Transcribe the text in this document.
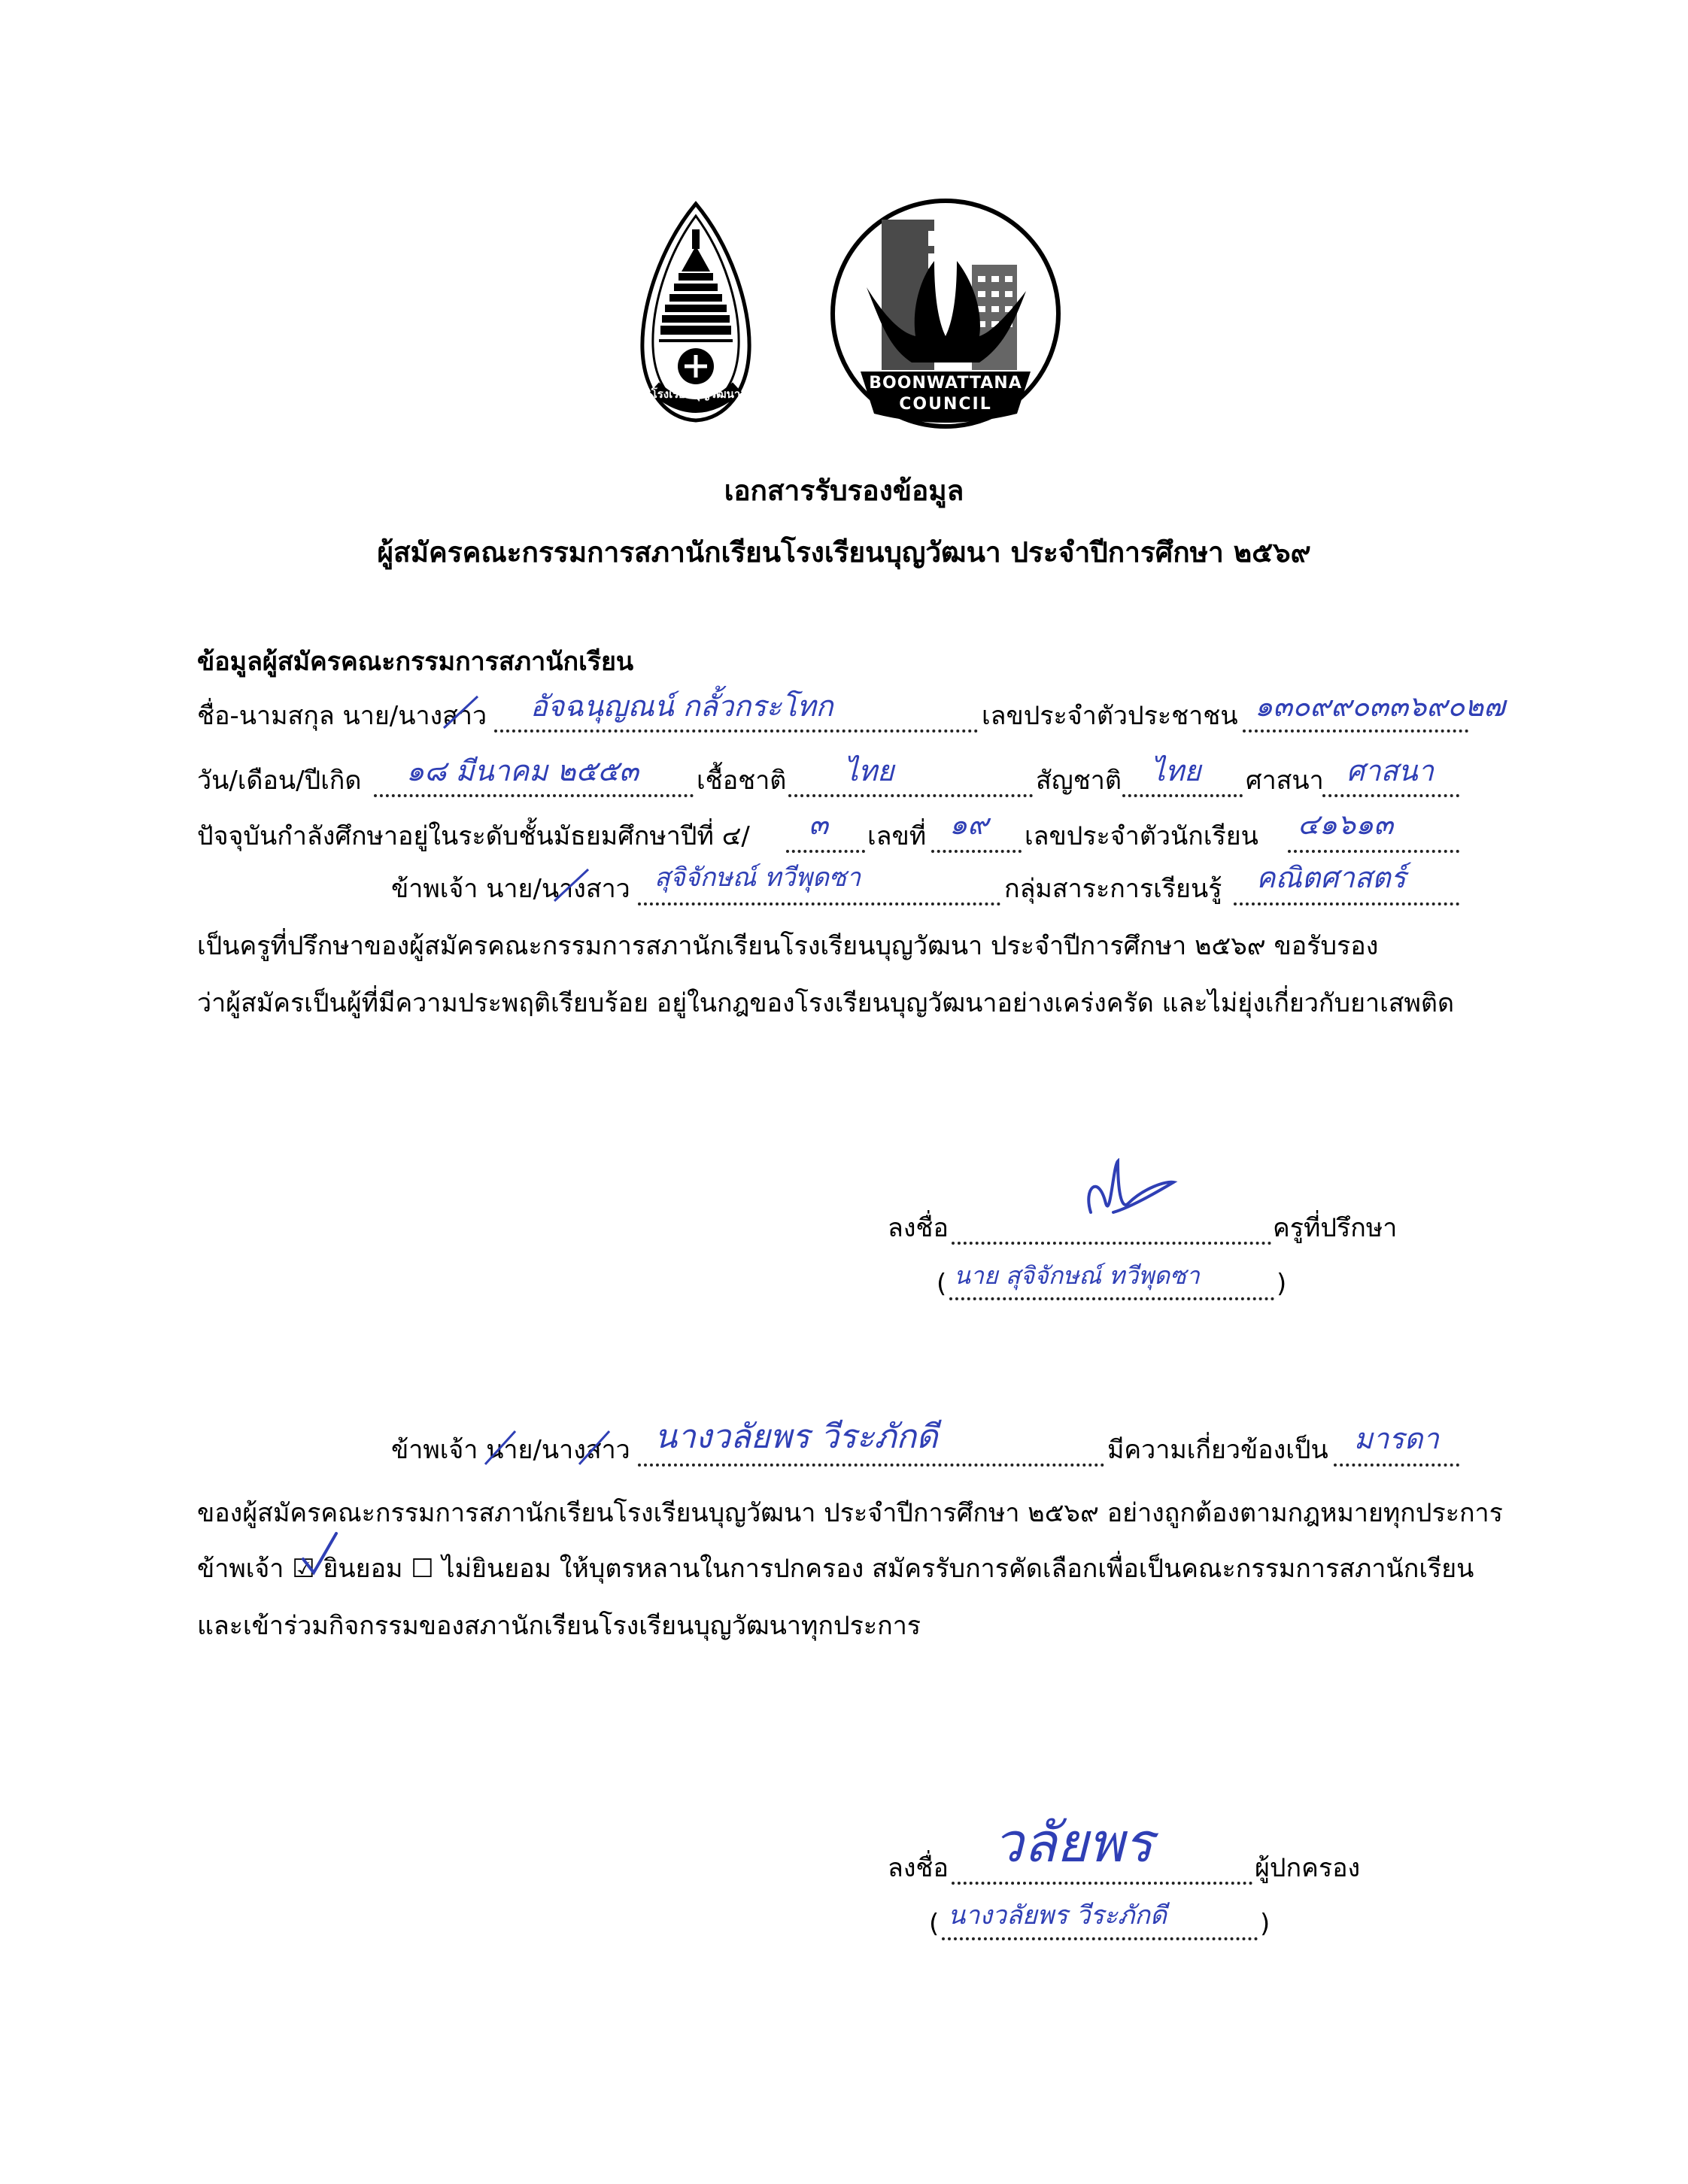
โรงเรียนบุญวัฒนา
BOONWATTANA
COUNCIL
เอกสารรับรองข้อมูล
ผู้สมัครคณะกรรมการสภานักเรียนโรงเรียนบุญวัฒนา ประจำปีการศึกษา ๒๕๖๙
ข้อมูลผู้สมัครคณะกรรมการสภานักเรียน
ชื่อ-นามสกุล นาย/นางสาว อัจฉนุญณน์ กลั้วกระโทก	เลขประจำตัวประชาชน ๑๓๐๙๙๐๓๓๖๙๐๒๗
วัน/เดือน/ปีเกิด ๑๘ มีนาคม ๒๕๕๓ เชื้อชาติ ไทย	สัญชาติ ไทย ศาสนา ศาสนา
ปัจจุบันกำลังศึกษาอยู่ในระดับชั้นมัธยมศึกษาปีที่ ๔/ ๓ เลขที่ ๑๙ เลขประจำตัวนักเรียน ๔๑๖๑๓
ข้าพเจ้า นาย/นางสาว สุจิจักษณ์ ทวีพุดซา	กลุ่มสาระการเรียนรู้ คณิตศาสตร์
เป็นครูที่ปรึกษาของผู้สมัครคณะกรรมการสภานักเรียนโรงเรียนบุญวัฒนา ประจำปีการศึกษา ๒๕๖๙ ขอรับรอง
ว่าผู้สมัครเป็นผู้ที่มีความประพฤติเรียบร้อย อยู่ในกฎของโรงเรียนบุญวัฒนาอย่างเคร่งครัด และไม่ยุ่งเกี่ยวกับยาเสพติด
ลงชื่อ	ครูที่ปรึกษา
( นาย สุจิจักษณ์ ทวีพุดซา	)
ข้าพเจ้า นาย/นางสาว นางวลัยพร วีระภักดี	มีความเกี่ยวข้องเป็น มารดา
ของผู้สมัครคณะกรรมการสภานักเรียนโรงเรียนบุญวัฒนา ประจำปีการศึกษา ๒๕๖๙ อย่างถูกต้องตามกฎหมายทุกประการ
ข้าพเจ้า ☑ ยินยอม ☐ ไม่ยินยอม ให้บุตรหลานในการปกครอง สมัครรับการคัดเลือกเพื่อเป็นคณะกรรมการสภานักเรียน
และเข้าร่วมกิจกรรมของสภานักเรียนโรงเรียนบุญวัฒนาทุกประการ
วลัยพร
ลงชื่อ	ผู้ปกครอง
( นางวลัยพร วีระภักดี	)
